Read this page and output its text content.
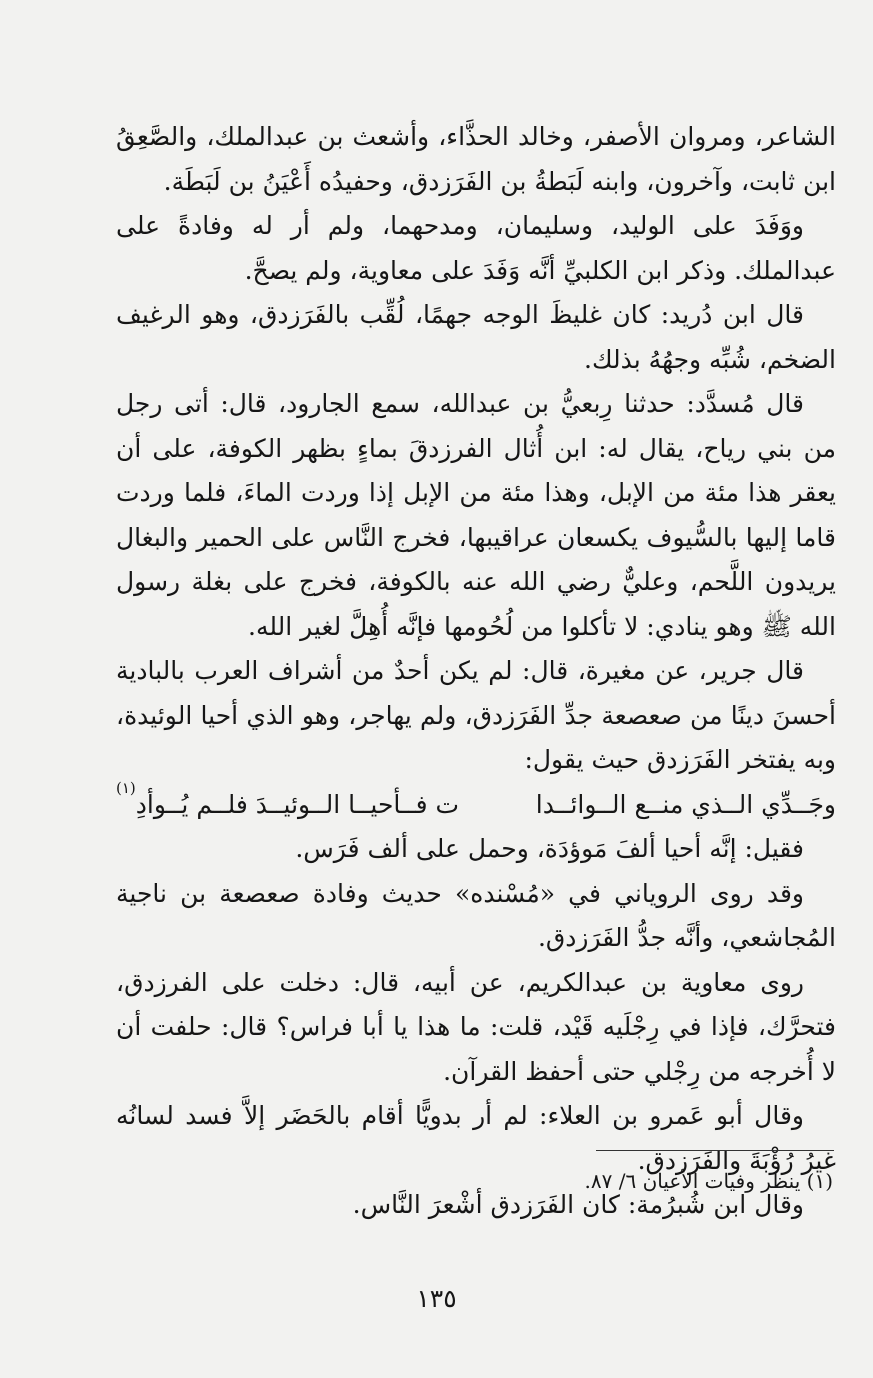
الشاعر، ومروان الأصفر، وخالد الحذَّاء، وأشعث بن عبدالملك، والصَّعِقُ ابن ثابت، وآخرون، وابنه لَبَطةُ بن الفَرَزدق، وحفيدُه أَعْيَنُ بن لَبَطَة.

ووَفَدَ على الوليد، وسليمان، ومدحهما، ولم أر له وفادةً على عبدالملك. وذكر ابن الكلبيِّ أنَّه وَفَدَ على معاوية، ولم يصحَّ.

قال ابن دُريد: كان غليظَ الوجه جهمًا، لُقِّب بالفَرَزدق، وهو الرغيف الضخم، شُبِّه وجهُهُ بذلك.

قال مُسدَّد: حدثنا رِبعيُّ بن عبدالله، سمع الجارود، قال: أتى رجل من بني رياح، يقال له: ابن أُثال الفرزدقَ بماءٍ بظهر الكوفة، على أن يعقر هذا مئة من الإبل، وهذا مئة من الإبل إذا وردت الماءَ، فلما وردت قاما إليها بالسُّيوف يكسعان عراقيبها، فخرج النَّاس على الحمير والبغال يريدون اللَّحم، وعليٌّ رضي الله عنه بالكوفة، فخرج على بغلة رسول الله ﷺ وهو ينادي: لا تأكلوا من لُحُومها فإنَّه أُهِلَّ لغير الله.

قال جرير، عن مغيرة، قال: لم يكن أحدٌ من أشراف العرب بالبادية أحسنَ دينًا من صعصعة جدِّ الفَرَزدق، ولم يهاجر، وهو الذي أحيا الوئيدة، وبه يفتخر الفَرَزدق حيث يقول:

وجَــدِّي الــذي منــع الــوائــدا
ت فــأحيــا الــوئيــدَ فلــم يُــوأدِ$^{(١)}$

فقيل: إنَّه أحيا ألفَ مَوؤدَة، وحمل على ألف فَرَس.

وقد روى الروياني في «مُسْنده» حديث وفادة صعصعة بن ناجية المُجاشعي، وأنَّه جدُّ الفَرَزدق.

روى معاوية بن عبدالكريم، عن أبيه، قال: دخلت على الفرزدق، فتحرَّك، فإذا في رِجْلَيه قَيْد، قلت: ما هذا يا أبا فراس؟ قال: حلفت أن لا أُخرجه من رِجْلي حتى أحفظ القرآن.

وقال أبو عَمرو بن العلاء: لم أر بدويًّا أقام بالحَضَر إلاَّ فسد لسانُه غيرُ رُؤْبَةَ والفَرَزدق.

وقال ابن شُبرُمة: كان الفَرَزدق أشْعرَ النَّاس.

(١) ينظر وفيات الأعيان ٦/ ٨٧.
١٣٥
